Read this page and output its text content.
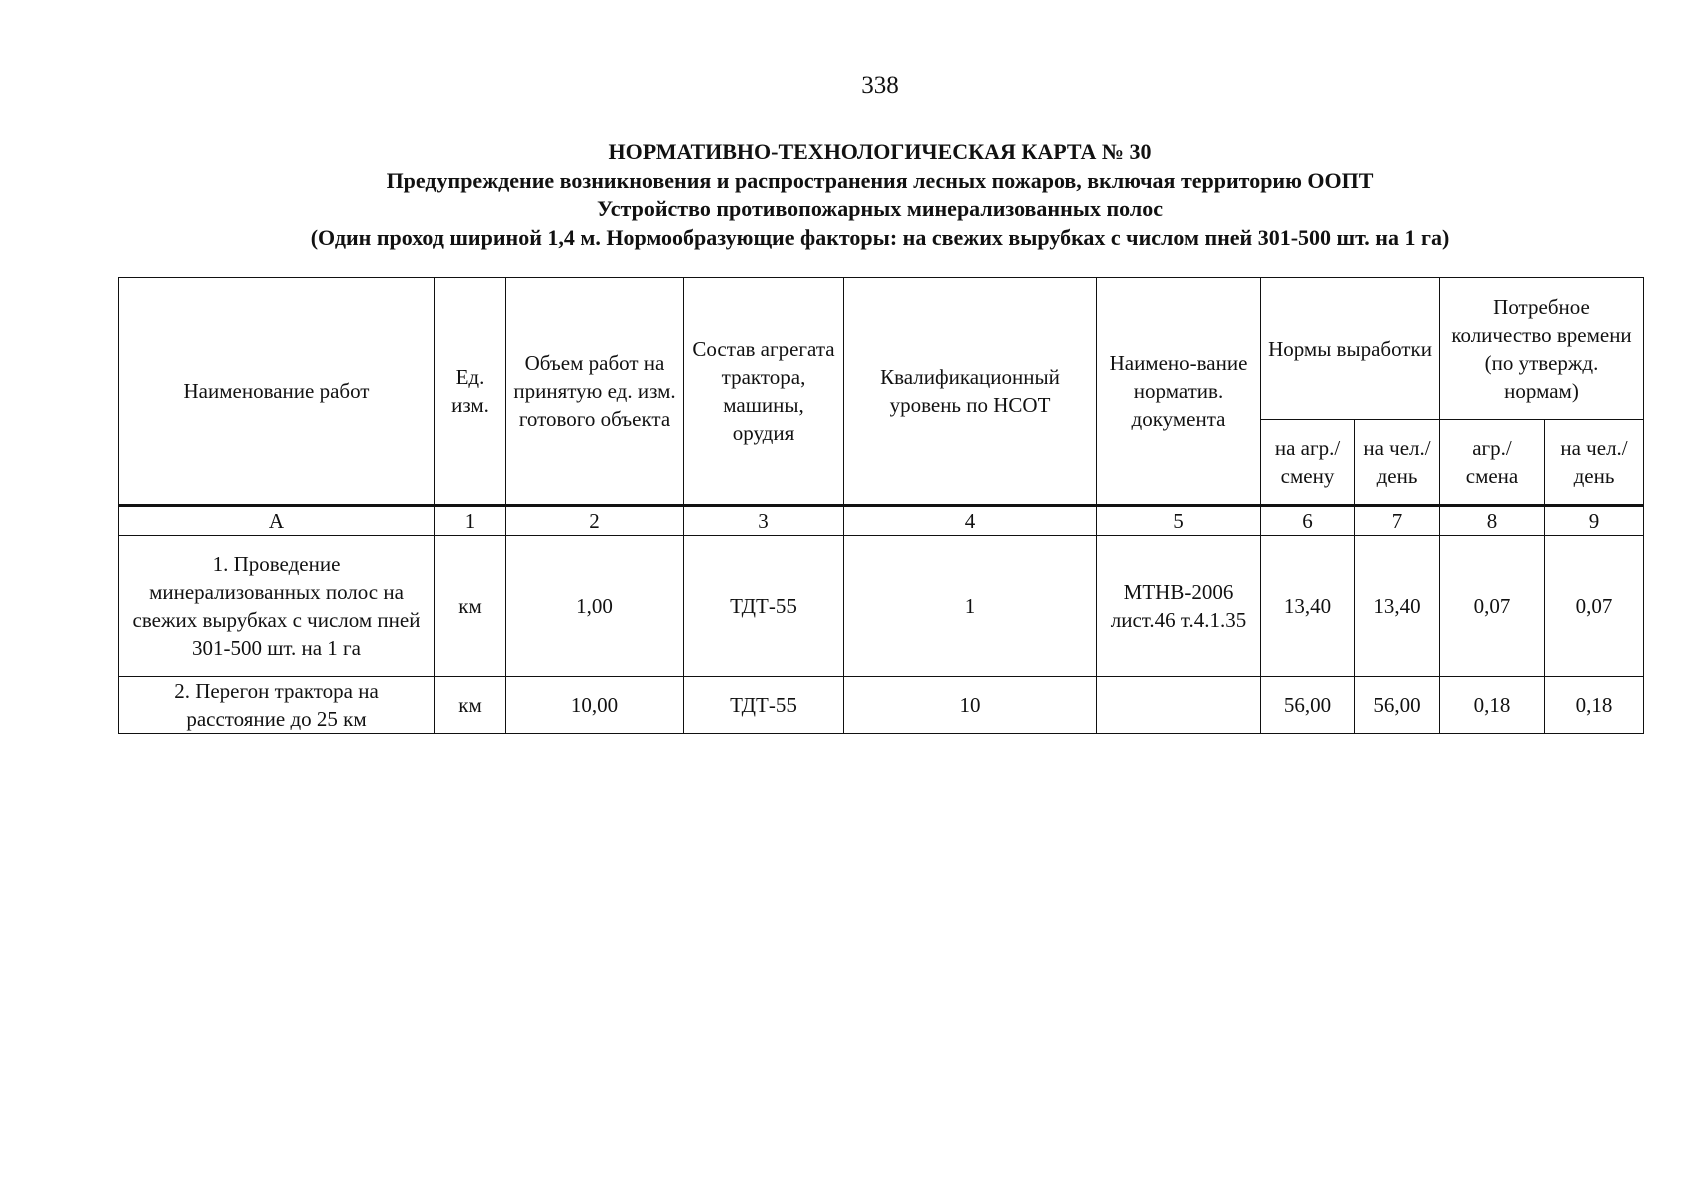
338
НОРМАТИВНО-ТЕХНОЛОГИЧЕСКАЯ КАРТА № 30
Предупреждение возникновения и распространения лесных пожаров, включая территорию ООПТ
Устройство противопожарных минерализованных полос
(Один проход шириной 1,4 м. Нормообразующие факторы: на свежих вырубках с числом пней 301-500 шт. на 1 га)
Наименование работ	Ед. изм.	Объем работ на принятую ед. изм. готового объекта	Состав агрегата трактора, машины, орудия	Квалификационный уровень по НСОТ	Наимено-вание норматив. документа	Нормы выработки		Потребное количество времени (по утвержд. нормам)	
						на агр./ смену	на чел./ день	агр./ смена	на чел./ день
А	1	2	3	4	5	6	7	8	9
1. Проведение минерализованных полос на свежих вырубках с числом пней 301-500 шт. на 1 га	км	1,00	ТДТ-55	1	МТНВ-2006 лист.46 т.4.1.35	13,40	13,40	0,07	0,07
2. Перегон трактора на расстояние до 25 км	км	10,00	ТДТ-55	10		56,00	56,00	0,18	0,18
